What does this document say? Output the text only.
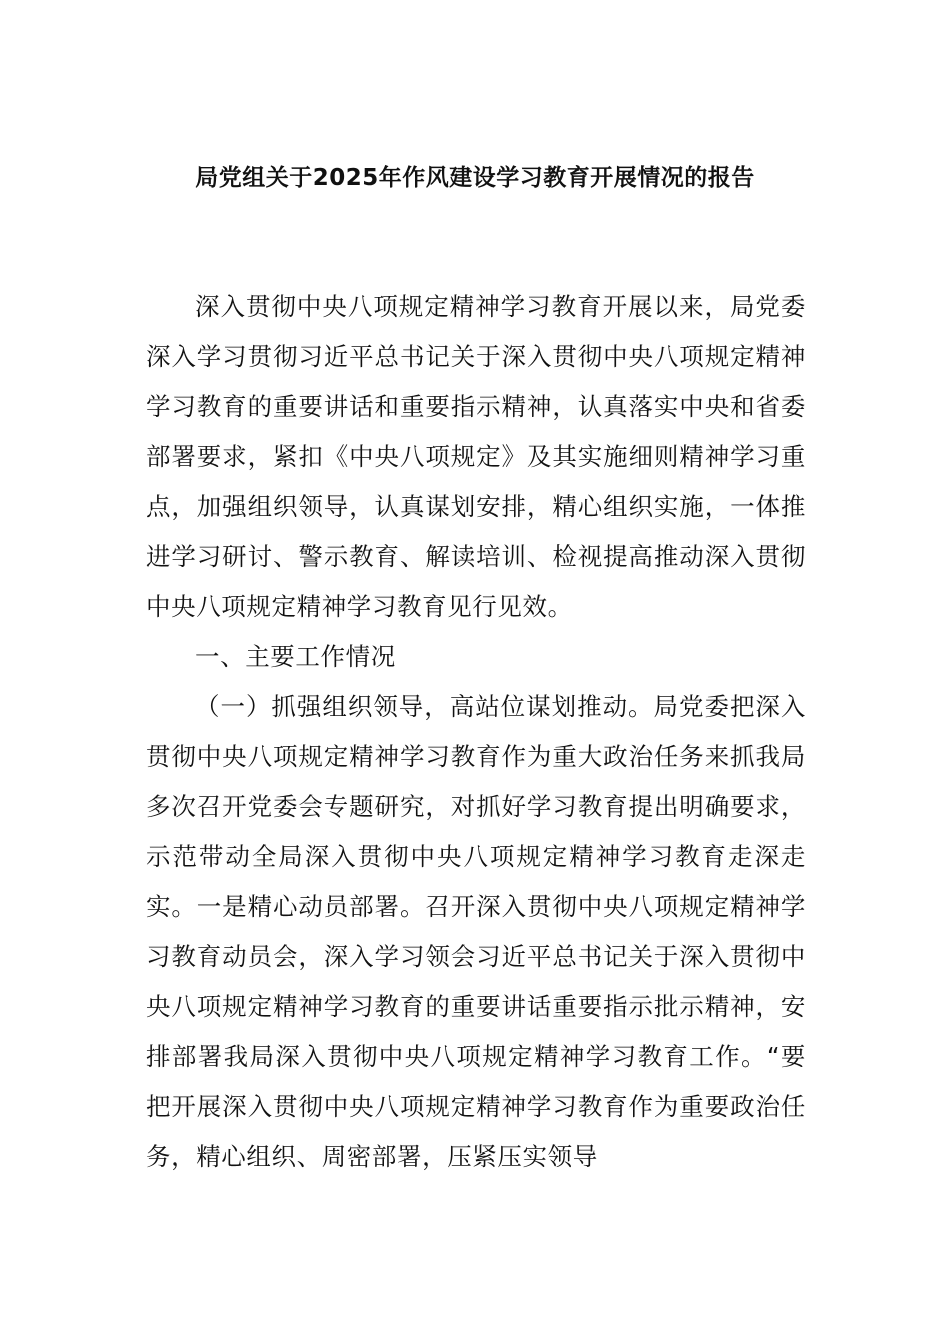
局党组关于2025年作风建设学习教育开展情况的报告

深入贯彻中央八项规定精神学习教育开展以来，局党委深入学习贯彻习近平总书记关于深入贯彻中央八项规定精神学习教育的重要讲话和重要指示精神，认真落实中央和省委部署要求，紧扣《中央八项规定》及其实施细则精神学习重点，加强组织领导，认真谋划安排，精心组织实施，一体推进学习研讨、警示教育、解读培训、检视提高推动深入贯彻中央八项规定精神学习教育见行见效。

一、主要工作情况

（一）抓强组织领导，高站位谋划推动。局党委把深入贯彻中央八项规定精神学习教育作为重大政治任务来抓我局多次召开党委会专题研究，对抓好学习教育提出明确要求，示范带动全局深入贯彻中央八项规定精神学习教育走深走实。一是精心动员部署。召开深入贯彻中央八项规定精神学习教育动员会，深入学习领会习近平总书记关于深入贯彻中央八项规定精神学习教育的重要讲话重要指示批示精神，安排部署我局深入贯彻中央八项规定精神学习教育工作。“要把开展深入贯彻中央八项规定精神学习教育作为重要政治任务，精心组织、周密部署，压紧压实领导
